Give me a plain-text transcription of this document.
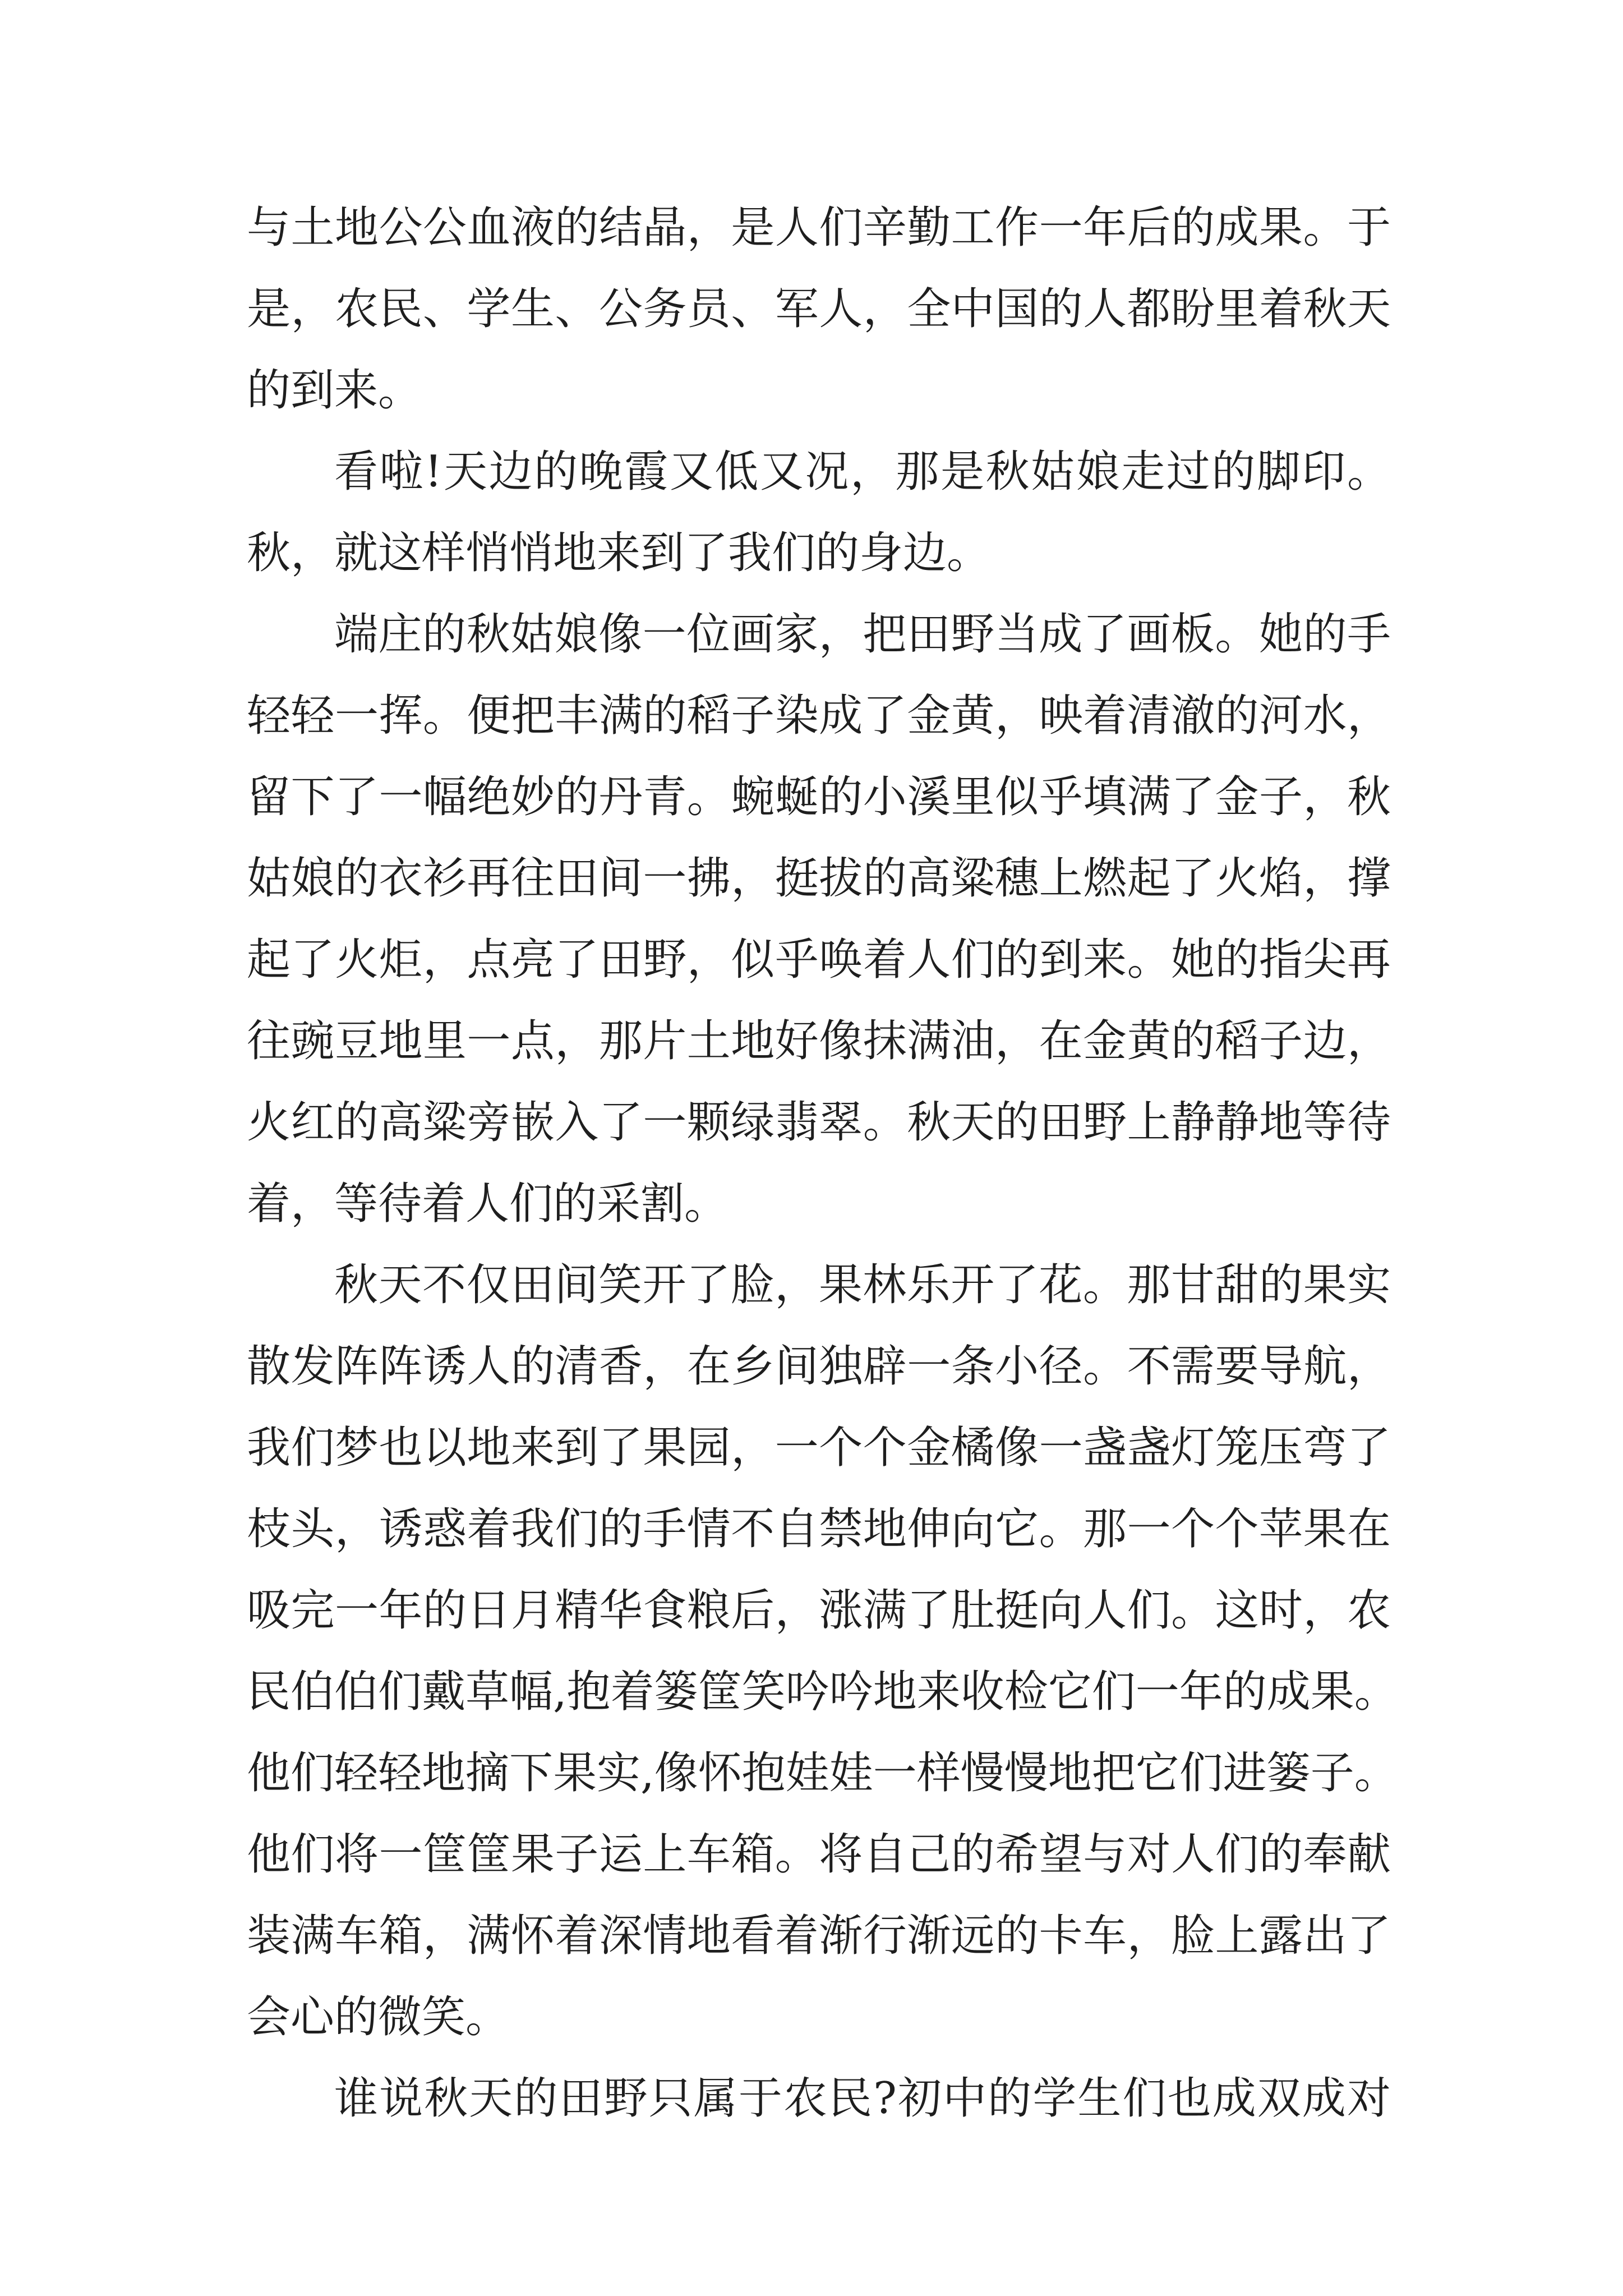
与土地公公血液的结晶，是人们辛勤工作一年后的成果。于
是，农民、学生、公务员、军人，全中国的人都盼里着秋天
的到来。
看啦!天边的晚霞又低又况，那是秋姑娘走过的脚印。
秋，就这样悄悄地来到了我们的身边。
端庄的秋姑娘像一位画家，把田野当成了画板。她的手
轻轻一挥。便把丰满的稻子染成了金黄，映着清澈的河水，
留下了一幅绝妙的丹青。蜿蜒的小溪里似乎填满了金子，秋
姑娘的衣衫再往田间一拂，挺拔的高粱穗上燃起了火焰，撑
起了火炬，点亮了田野，似乎唤着人们的到来。她的指尖再
往豌豆地里一点，那片土地好像抹满油，在金黄的稻子边，
火红的高粱旁嵌入了一颗绿翡翠。秋天的田野上静静地等待
着，等待着人们的采割。
秋天不仅田间笑开了脸，果林乐开了花。那甘甜的果实
散发阵阵诱人的清香，在乡间独辟一条小径。不需要导航，
我们梦也以地来到了果园，一个个金橘像一盏盏灯笼压弯了
枝头，诱惑着我们的手情不自禁地伸向它。那一个个苹果在
吸完一年的日月精华食粮后，涨满了肚挺向人们。这时，农
民伯伯们戴草幅,抱着篓筐笑吟吟地来收检它们一年的成果。
他们轻轻地摘下果实,像怀抱娃娃一样慢慢地把它们进篓子。
他们将一筐筐果子运上车箱。将自己的希望与对人们的奉献
装满车箱，满怀着深情地看着渐行渐远的卡车，脸上露出了
会心的微笑。
谁说秋天的田野只属于农民?初中的学生们也成双成对
